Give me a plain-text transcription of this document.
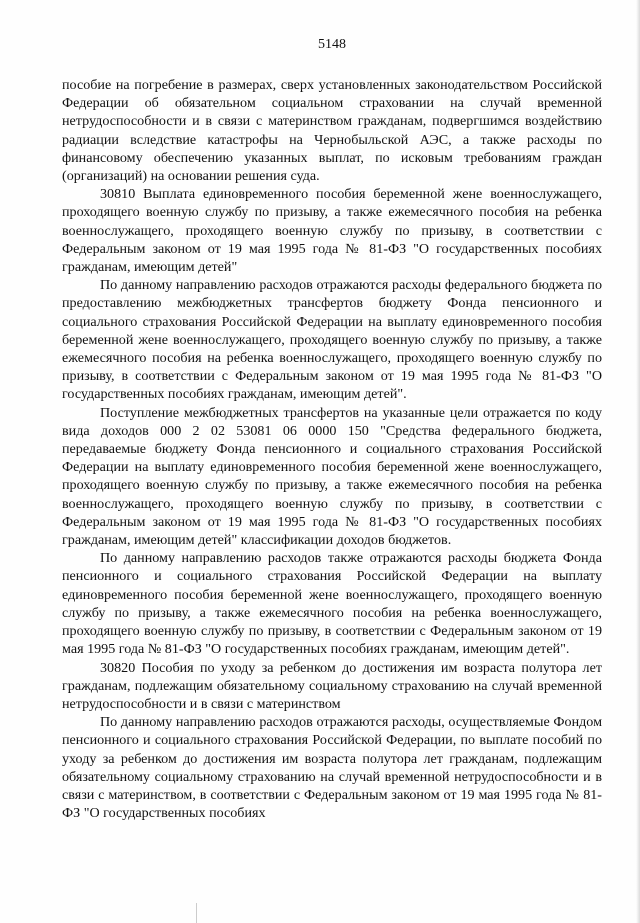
5148

пособие на погребение в размерах, сверх установленных законодательством Российской Федерации об обязательном социальном страховании на случай временной нетрудоспособности и в связи с материнством гражданам, подвергшимся воздействию радиации вследствие катастрофы на Чернобыльской АЭС, а также расходы по финансовому обеспечению указанных выплат, по исковым требованиям граждан (организаций) на основании решения суда.

30810 Выплата единовременного пособия беременной жене военнослужащего, проходящего военную службу по призыву, а также ежемесячного пособия на ребенка военнослужащего, проходящего военную службу по призыву, в соответствии с Федеральным законом от 19 мая 1995 года № 81-ФЗ "О государственных пособиях гражданам, имеющим детей"

По данному направлению расходов отражаются расходы федерального бюджета по предоставлению межбюджетных трансфертов бюджету Фонда пенсионного и социального страхования Российской Федерации на выплату единовременного пособия беременной жене военнослужащего, проходящего военную службу по призыву, а также ежемесячного пособия на ребенка военнослужащего, проходящего военную службу по призыву, в соответствии с Федеральным законом от 19 мая 1995 года № 81-ФЗ "О государственных пособиях гражданам, имеющим детей".

Поступление межбюджетных трансфертов на указанные цели отражается по коду вида доходов 000 2 02 53081 06 0000 150 "Средства федерального бюджета, передаваемые бюджету Фонда пенсионного и социального страхования Российской Федерации на выплату единовременного пособия беременной жене военнослужащего, проходящего военную службу по призыву, а также ежемесячного пособия на ребенка военнослужащего, проходящего военную службу по призыву, в соответствии с Федеральным законом от 19 мая 1995 года № 81-ФЗ "О государственных пособиях гражданам, имеющим детей" классификации доходов бюджетов.

По данному направлению расходов также отражаются расходы бюджета Фонда пенсионного и социального страхования Российской Федерации на выплату единовременного пособия беременной жене военнослужащего, проходящего военную службу по призыву, а также ежемесячного пособия на ребенка военнослужащего, проходящего военную службу по призыву, в соответствии с Федеральным законом от 19 мая 1995 года № 81-ФЗ "О государственных пособиях гражданам, имеющим детей".

30820 Пособия по уходу за ребенком до достижения им возраста полутора лет гражданам, подлежащим обязательному социальному страхованию на случай временной нетрудоспособности и в связи с материнством

По данному направлению расходов отражаются расходы, осуществляемые Фондом пенсионного и социального страхования Российской Федерации, по выплате пособий по уходу за ребенком до достижения им возраста полутора лет гражданам, подлежащим обязательному социальному страхованию на случай временной нетрудоспособности и в связи с материнством, в соответствии с Федеральным законом от 19 мая 1995 года № 81-ФЗ "О государственных пособиях
